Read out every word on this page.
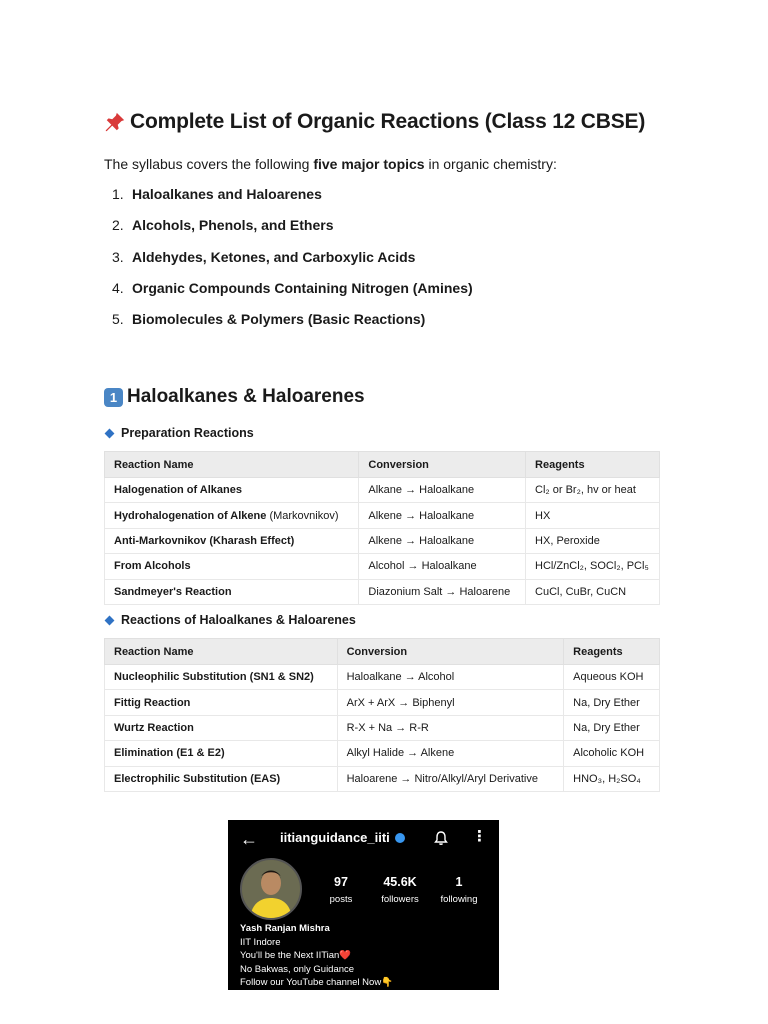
Complete List of Organic Reactions (Class 12 CBSE)
The syllabus covers the following five major topics in organic chemistry:
1. Haloalkanes and Haloarenes
2. Alcohols, Phenols, and Ethers
3. Aldehydes, Ketones, and Carboxylic Acids
4. Organic Compounds Containing Nitrogen (Amines)
5. Biomolecules & Polymers (Basic Reactions)
1 Haloalkanes & Haloarenes
Preparation Reactions
Reaction Name	Conversion	Reagents
Halogenation of Alkanes	Alkane → Haloalkane	Cl₂ or Br₂, hv or heat
Hydrohalogenation of Alkene (Markovnikov)	Alkene → Haloalkane	HX
Anti-Markovnikov (Kharash Effect)	Alkene → Haloalkane	HX, Peroxide
From Alcohols	Alcohol → Haloalkane	HCl/ZnCl₂, SOCl₂, PCl₅
Sandmeyer's Reaction	Diazonium Salt → Haloarene	CuCl, CuBr, CuCN
Reactions of Haloalkanes & Haloarenes
Reaction Name	Conversion	Reagents
Nucleophilic Substitution (SN1 & SN2)	Haloalkane → Alcohol	Aqueous KOH
Fittig Reaction	ArX + ArX → Biphenyl	Na, Dry Ether
Wurtz Reaction	R-X + Na → R-R	Na, Dry Ether
Elimination (E1 & E2)	Alkyl Halide → Alkene	Alcoholic KOH
Electrophilic Substitution (EAS)	Haloarene → Nitro/Alkyl/Aryl Derivative	HNO₃, H₂SO₄
← iitianguidance_iiti	⋮
97
posts
45.6K
followers
1
following
Yash Ranjan Mishra
IIT Indore
You'll be the Next IITian❤️
No Bakwas, only Guidance
Follow our YouTube channel Now👇
